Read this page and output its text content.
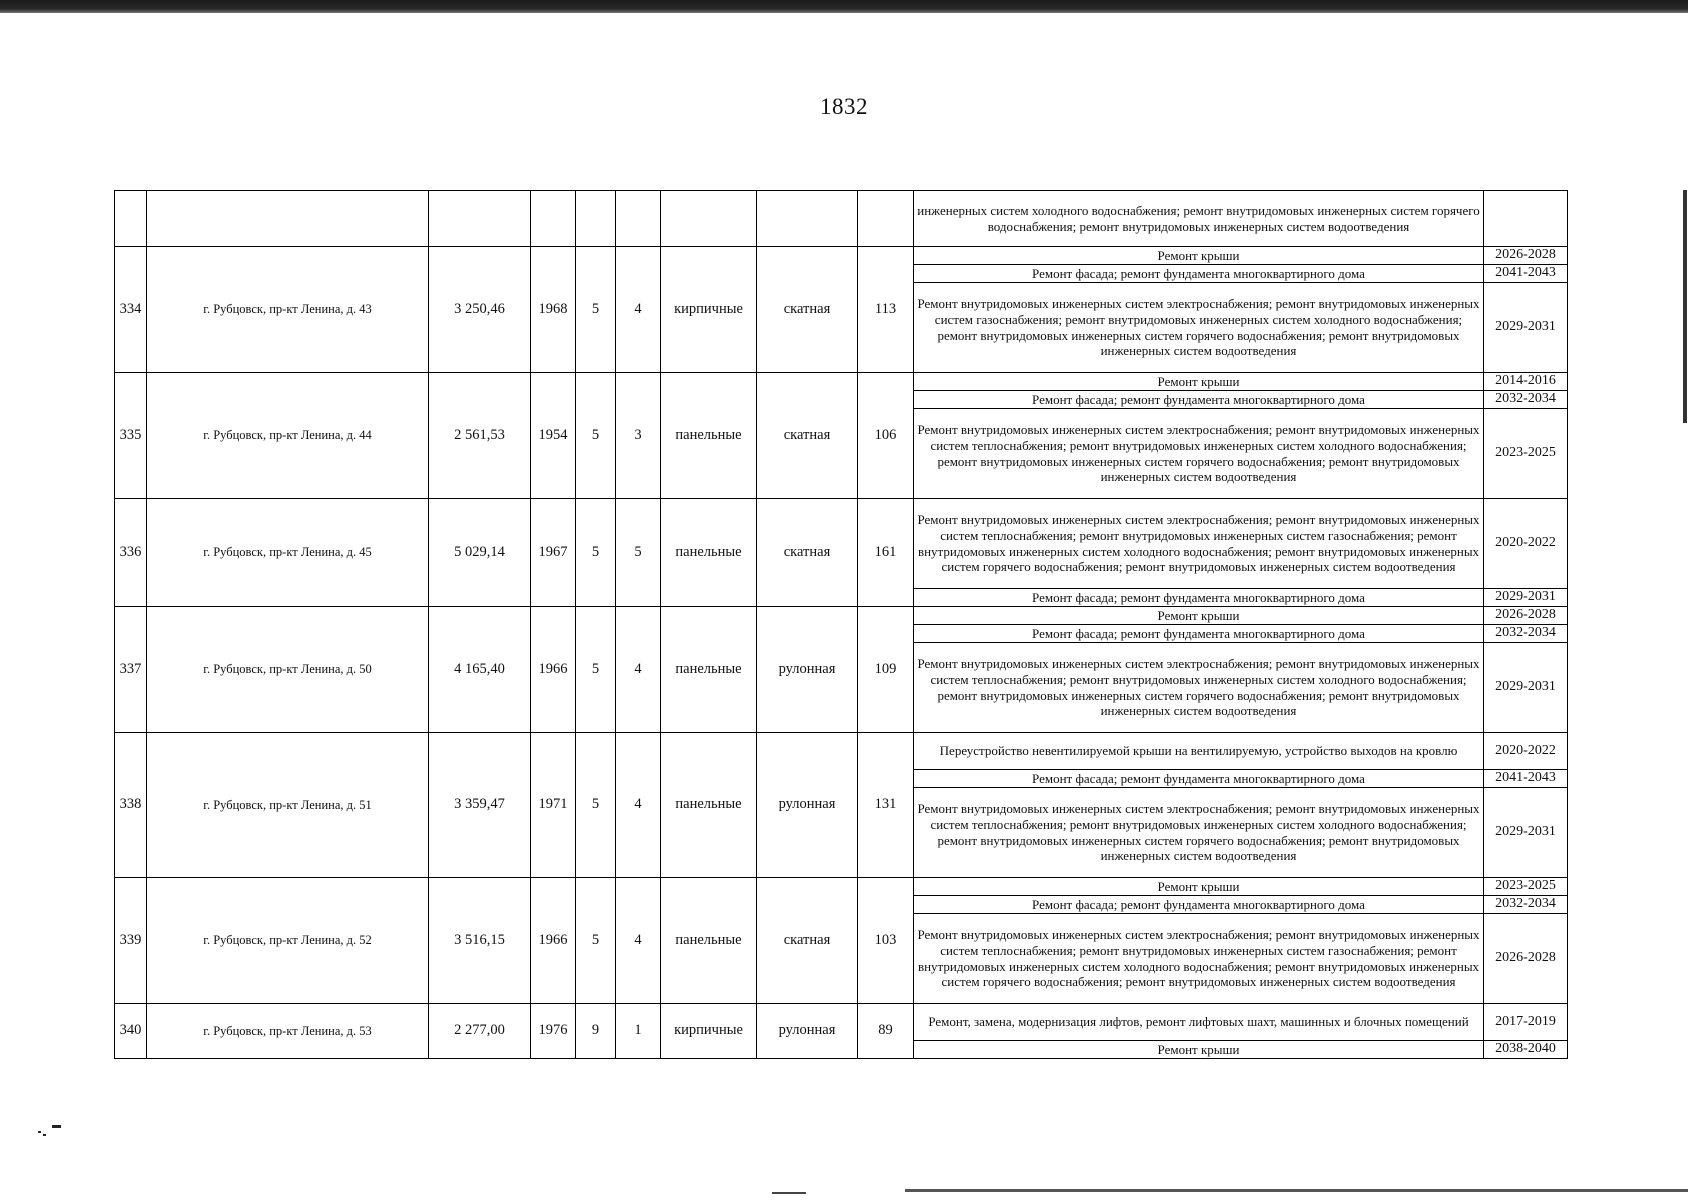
1832
									инженерных систем холодного водоснабжения; ремонт внутридомовых инженерных систем горячего водоснабжения; ремонт внутридомовых инженерных систем водоотведения	
334	г. Рубцовск, пр-кт Ленина, д. 43	3 250,46	1968	5	4	кирпичные	скатная	113	Ремонт крыши	2026-2028
									Ремонт фасада; ремонт фундамента многоквартирного дома	2041-2043
									Ремонт внутридомовых инженерных систем электроснабжения; ремонт внутридомовых инженерных систем газоснабжения; ремонт внутридомовых инженерных систем холодного водоснабжения; ремонт внутридомовых инженерных систем горячего водоснабжения; ремонт внутридомовых инженерных систем водоотведения	2029-2031
335	г. Рубцовск, пр-кт Ленина, д. 44	2 561,53	1954	5	3	панельные	скатная	106	Ремонт крыши	2014-2016
									Ремонт фасада; ремонт фундамента многоквартирного дома	2032-2034
									Ремонт внутридомовых инженерных систем электроснабжения; ремонт внутридомовых инженерных систем теплоснабжения; ремонт внутридомовых инженерных систем холодного водоснабжения; ремонт внутридомовых инженерных систем горячего водоснабжения; ремонт внутридомовых инженерных систем водоотведения	2023-2025
336	г. Рубцовск, пр-кт Ленина, д. 45	5 029,14	1967	5	5	панельные	скатная	161	Ремонт внутридомовых инженерных систем электроснабжения; ремонт внутридомовых инженерных систем теплоснабжения; ремонт внутридомовых инженерных систем газоснабжения; ремонт внутридомовых инженерных систем холодного водоснабжения; ремонт внутридомовых инженерных систем горячего водоснабжения; ремонт внутридомовых инженерных систем водоотведения	2020-2022
									Ремонт фасада; ремонт фундамента многоквартирного дома	2029-2031
337	г. Рубцовск, пр-кт Ленина, д. 50	4 165,40	1966	5	4	панельные	рулонная	109	Ремонт крыши	2026-2028
									Ремонт фасада; ремонт фундамента многоквартирного дома	2032-2034
									Ремонт внутридомовых инженерных систем электроснабжения; ремонт внутридомовых инженерных систем теплоснабжения; ремонт внутридомовых инженерных систем холодного водоснабжения; ремонт внутридомовых инженерных систем горячего водоснабжения; ремонт внутридомовых инженерных систем водоотведения	2029-2031
338	г. Рубцовск, пр-кт Ленина, д. 51	3 359,47	1971	5	4	панельные	рулонная	131	Переустройство невентилируемой крыши на вентилируемую, устройство выходов на кровлю	2020-2022
									Ремонт фасада; ремонт фундамента многоквартирного дома	2041-2043
									Ремонт внутридомовых инженерных систем электроснабжения; ремонт внутридомовых инженерных систем теплоснабжения; ремонт внутридомовых инженерных систем холодного водоснабжения; ремонт внутридомовых инженерных систем горячего водоснабжения; ремонт внутридомовых инженерных систем водоотведения	2029-2031
339	г. Рубцовск, пр-кт Ленина, д. 52	3 516,15	1966	5	4	панельные	скатная	103	Ремонт крыши	2023-2025
									Ремонт фасада; ремонт фундамента многоквартирного дома	2032-2034
									Ремонт внутридомовых инженерных систем электроснабжения; ремонт внутридомовых инженерных систем теплоснабжения; ремонт внутридомовых инженерных систем газоснабжения; ремонт внутридомовых инженерных систем холодного водоснабжения; ремонт внутридомовых инженерных систем горячего водоснабжения; ремонт внутридомовых инженерных систем водоотведения	2026-2028
340	г. Рубцовск, пр-кт Ленина, д. 53	2 277,00	1976	9	1	кирпичные	рулонная	89	Ремонт, замена, модернизация лифтов, ремонт лифтовых шахт, машинных и блочных помещений	2017-2019
									Ремонт крыши	2038-2040
